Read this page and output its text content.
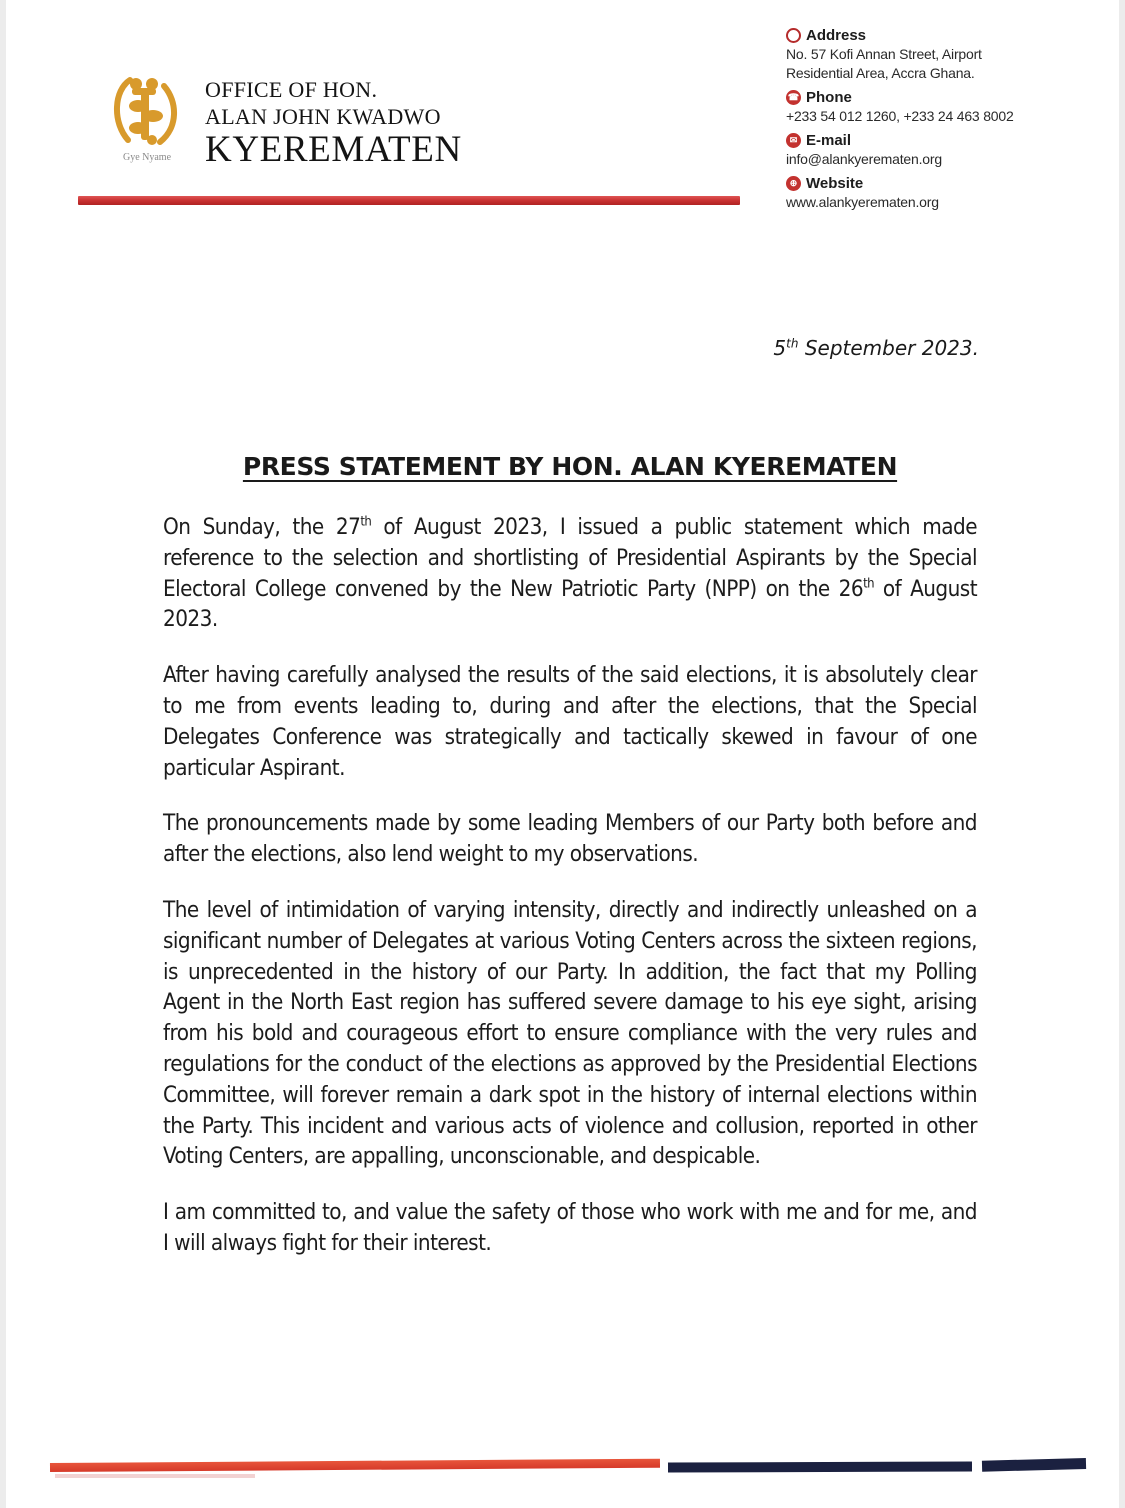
Gye Nyame
OFFICE OF HON.
ALAN JOHN KWADWO
KYEREMATEN
Address
No. 57 Kofi Annan Street, Airport
Residential Area, Accra Ghana.
☎ Phone
+233 54 012 1260, +233 24 463 8002
✉ E-mail
info@alankyerematen.org
⊕ Website
www.alankyerematen.org
5th September 2023.
PRESS STATEMENT BY HON. ALAN KYEREMATEN

On Sunday, the 27th of August 2023, I issued a public statement which made reference to the selection and shortlisting of Presidential Aspirants by the Special Electoral College convened by the New Patriotic Party (NPP) on the 26th of August 2023.

After having carefully analysed the results of the said elections, it is absolutely clear to me from events leading to, during and after the elections, that the Special Delegates Conference was strategically and tactically skewed in favour of one particular Aspirant.

The pronouncements made by some leading Members of our Party both before and after the elections, also lend weight to my observations.

The level of intimidation of varying intensity, directly and indirectly unleashed on a significant number of Delegates at various Voting Centers across the sixteen regions, is unprecedented in the history of our Party. In addition, the fact that my Polling Agent in the North East region has suffered severe damage to his eye sight, arising from his bold and courageous effort to ensure compliance with the very rules and regulations for the conduct of the elections as approved by the Presidential Elections Committee, will forever remain a dark spot in the history of internal elections within the Party. This incident and various acts of violence and collusion, reported in other Voting Centers, are appalling, unconscionable, and despicable.

I am committed to, and value the safety of those who work with me and for me, and I will always fight for their interest.
